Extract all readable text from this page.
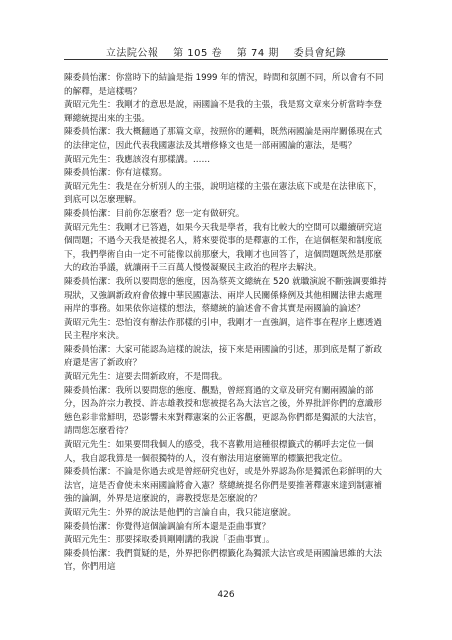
立法院公報 第 105 卷 第 74 期 委員會紀錄

陳委員怡潔：你當時下的結論是指 1999 年的情況，時間和氛圍不同，所以會有不同的解釋，是這樣嗎？

黃昭元先生：我剛才的意思是說，兩國論不是我的主張，我是寫文章來分析當時李登輝總統提出來的主張。

陳委員怡潔：我大概翻過了那篇文章，按照你的邏輯，既然兩國論是兩岸關係現在式的法律定位，因此代表我國憲法及其增修條文也是一部兩國論的憲法，是嗎？

黃昭元先生：我應該沒有那樣講。……

陳委員怡潔：你有這樣寫。

黃昭元先生：我是在分析別人的主張，說明這樣的主張在憲法底下或是在法律底下，到底可以怎麼理解。

陳委員怡潔：目前你怎麼看？您一定有做研究。

黃昭元先生：我剛才已答過，如果今天我是學者，我有比較大的空間可以繼續研究這個問題；不過今天我是被提名人，將來要從事的是釋憲的工作，在這個框架和制度底下，我們學術自由一定不可能像以前那麼大，我剛才也回答了，這個問題既然是那麼大的政治爭議，就讓兩千三百萬人慢慢凝聚民主政治的程序去解決。

陳委員怡潔：我所以要問您的態度，因為蔡英文總統在 520 就職演說不斷強調要維持現狀，又強調新政府會依據中華民國憲法、兩岸人民關係條例及其他相關法律去處理兩岸的事務。如果依你這樣的想法，蔡總統的論述會不會其實是兩國論的論述？

黃昭元先生：恐怕沒有辦法作那樣的引申，我剛才一直強調，這件事在程序上應透過民主程序來決。

陳委員怡潔：大家可能認為這樣的說法，接下來是兩國論的引述，那到底是幫了新政府還是害了新政府？

黃昭元先生：這要去問新政府，不是問我。

陳委員怡潔：我所以要問您的態度、觀點，曾經寫過的文章及研究有關兩國論的部分，因為許宗力教授、許志雄教授和您被提名為大法官之後，外界批評你們的意識形態色彩非常鮮明，恐影響未來對釋憲案的公正客觀，更認為你們都是獨派的大法官，請問您怎麼看待？

黃昭元先生：如果要問我個人的感受，我不喜歡用這種很標籤式的稱呼去定位一個人，我自認我算是一個很獨特的人，沒有辦法用這麼簡單的標籤把我定位。

陳委員怡潔：不論是你過去或是曾經研究也好，或是外界認為你是獨派色彩鮮明的大法官，這是否會使未來兩國論將會入憲？蔡總統提名你們是要推著釋憲來達到制憲補強的論調，外界是這麼說的，壽教授您是怎麼說的？

黃昭元先生：外界的說法是他們的言論自由，我只能這麼說。

陳委員怡潔：你覺得這個論調論有所本還是歪曲事實？

黃昭元先生：那要採取委員剛剛講的我說「歪曲事實」。

陳委員怡潔：我們質疑的是，外界把你們標籤化為獨派大法官或是兩國論思維的大法官，你們用這

426
